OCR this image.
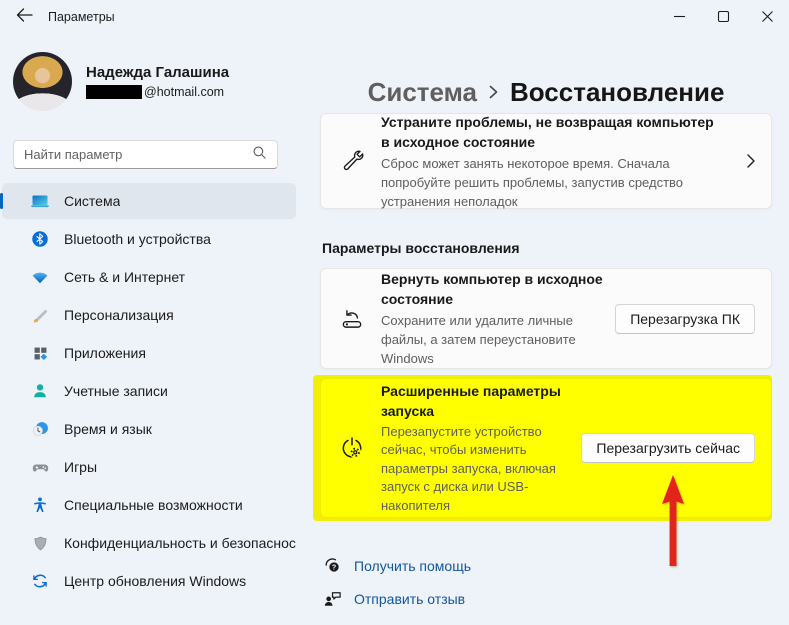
Параметры
Надежда Галашина
@hotmail.com
Найти параметр
Система
Bluetooth и устройства
Сеть & и Интернет
Персонализация
Приложения
Учетные записи
Время и язык
Игры
Специальные возможности
Конфиденциальность и безопаснос
Центр обновления Windows
Система Восстановление
Устраните проблемы, не возвращая компьютер в исходное состояние
Сброс может занять некоторое время. Сначала попробуйте решить проблемы, запустив средство устранения неполадок
Параметры восстановления
Вернуть компьютер в исходное состояние
Сохраните или удалите личные файлы, а затем переустановите Windows
Перезагрузка ПК
Расширенные параметры запуска
Перезапустите устройство сейчас, чтобы изменить параметры запуска, включая запуск с диска или USB-накопителя
Перезагрузить сейчас
? Получить помощь
Отправить отзыв
